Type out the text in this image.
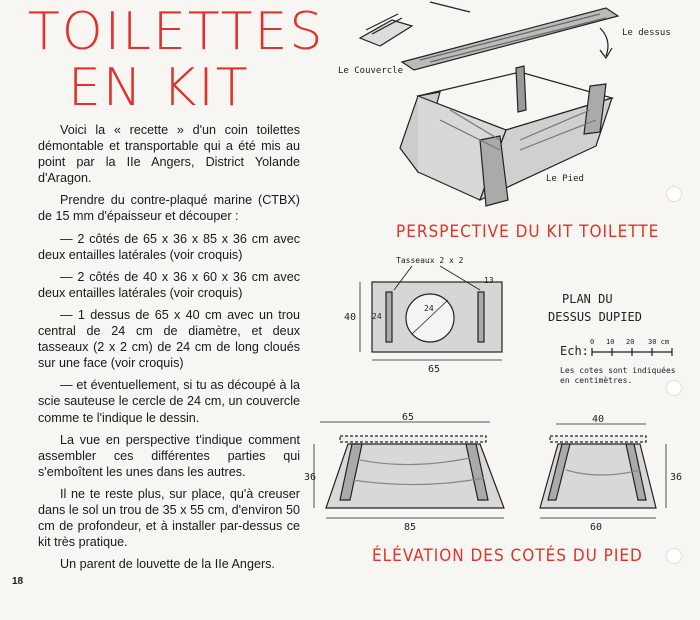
TOILETTES
EN KIT

Voici la « recette » d'un coin toilettes démontable et transportable qui a été mis au point par la IIe Angers, District Yolande d'Aragon.

Prendre du contre-plaqué marine (CTBX) de 15 mm d'épaisseur et découper :

— 2 côtés de 65 x 36 x 85 x 36 cm avec deux entailles latérales (voir croquis)

— 2 côtés de 40 x 36 x 60 x 36 cm avec deux entailles latérales (voir croquis)

— 1 dessus de 65 x 40 cm avec un trou central de 24 cm de diamètre, et deux tasseaux (2 x 2 cm) de 24 cm de long cloués sur une face (voir croquis)

— et éventuellement, si tu as découpé à la scie sauteuse le cercle de 24 cm, un couvercle comme te l'indique le dessin.

La vue en perspective t'indique comment assembler ces différentes parties qui s'emboîtent les unes dans les autres.

Il ne te reste plus, sur place, qu'à creuser dans le sol un trou de 35 x 55 cm, d'environ 50 cm de profondeur, et à installer par-dessus ce kit très pratique.

Un parent de louvette de la IIe Angers.

18
Le Couvercle
Le dessus
Le Pied
PERSPECTIVE DU KIT TOILETTE
ÉLÉVATION DES COTÉS DU PIED
Tasseaux 2 x 2
PLAN DU
DESSUS DUPIED
Ech:
0 10 20 30 cm
Les cotes sont indiquées
en centimètres.
65
40 24
24
13
65
85
36
40
60
36
